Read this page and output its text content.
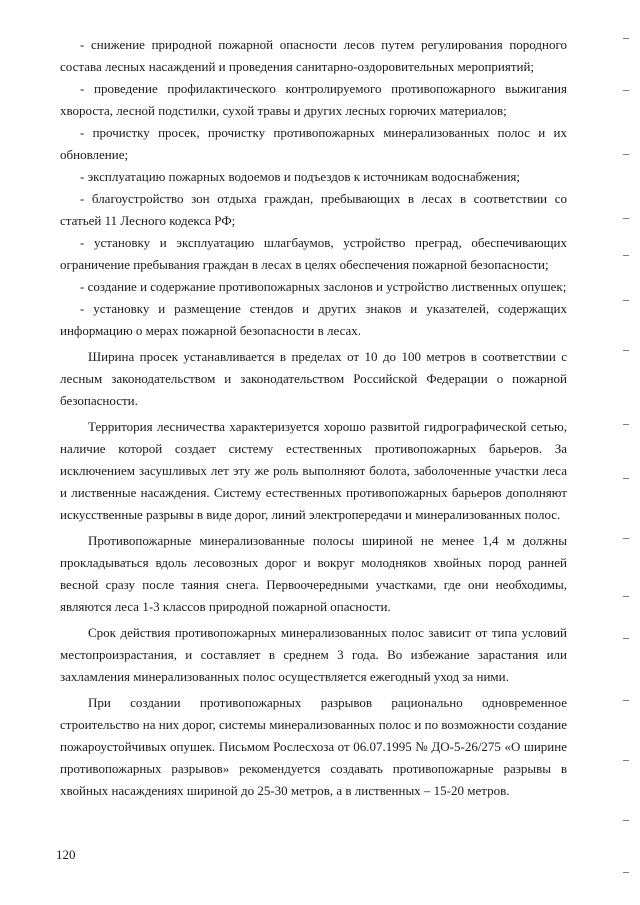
- снижение природной пожарной опасности лесов путем регулирования породного состава лесных насаждений и проведения санитарно-оздоровительных мероприятий;

- проведение профилактического контролируемого противопожарного выжигания хвороста, лесной подстилки, сухой травы и других лесных горючих материалов;

- прочистку просек, прочистку противопожарных минерализованных полос и их обновление;

- эксплуатацию пожарных водоемов и подъездов к источникам водоснабжения;

- благоустройство зон отдыха граждан, пребывающих в лесах в соответствии со статьей 11 Лесного кодекса РФ;

- установку и эксплуатацию шлагбаумов, устройство преград, обеспечивающих ограничение пребывания граждан в лесах в целях обеспечения пожарной безопасности;

- создание и содержание противопожарных заслонов и устройство лиственных опушек;

- установку и размещение стендов и других знаков и указателей, содержащих информацию о мерах пожарной безопасности в лесах.

Ширина просек устанавливается в пределах от 10 до 100 метров в соответствии с лесным законодательством и законодательством Российской Федерации о пожарной безопасности.

Территория лесничества характеризуется хорошо развитой гидрографической сетью, наличие которой создает систему естественных противопожарных барьеров. За исключением засушливых лет эту же роль выполняют болота, заболоченные участки леса и лиственные насаждения. Систему естественных противопожарных барьеров дополняют искусственные разрывы в виде дорог, линий электропередачи и минерализованных полос.

Противопожарные минерализованные полосы шириной не менее 1,4 м должны прокладываться вдоль лесовозных дорог и вокруг молодняков хвойных пород ранней весной сразу после таяния снега. Первоочередными участками, где они необходимы, являются леса 1-3 классов природной пожарной опасности.

Срок действия противопожарных минерализованных полос зависит от типа условий местопроизрастания, и составляет в среднем 3 года. Во избежание зарастания или захламления минерализованных полос осуществляется ежегодный уход за ними.

При создании противопожарных разрывов рационально одновременное строительство на них дорог, системы минерализованных полос и по возможности создание пожароустойчивых опушек. Письмом Рослесхоза от 06.07.1995 № ДО-5-26/275 «О ширине противопожарных разрывов» рекомендуется создавать противопожарные разрывы в хвойных насаждениях шириной до 25-30 метров, а в лиственных – 15-20 метров.

120
